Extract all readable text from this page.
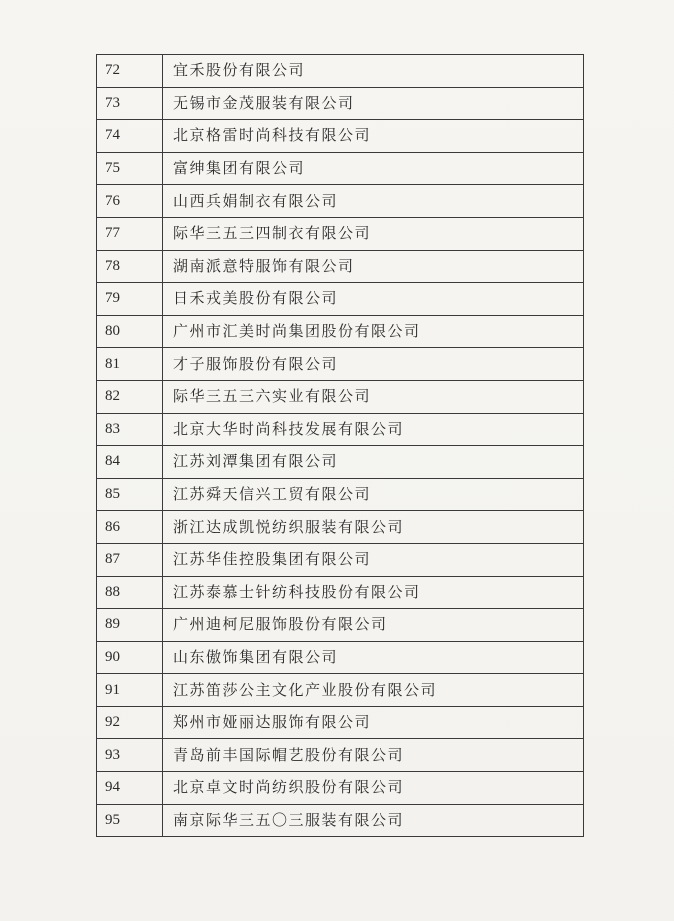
72	宜禾股份有限公司
73	无锡市金茂服装有限公司
74	北京格雷时尚科技有限公司
75	富绅集团有限公司
76	山西兵娟制衣有限公司
77	际华三五三四制衣有限公司
78	湖南派意特服饰有限公司
79	日禾戎美股份有限公司
80	广州市汇美时尚集团股份有限公司
81	才子服饰股份有限公司
82	际华三五三六实业有限公司
83	北京大华时尚科技发展有限公司
84	江苏刘潭集团有限公司
85	江苏舜天信兴工贸有限公司
86	浙江达成凯悦纺织服装有限公司
87	江苏华佳控股集团有限公司
88	江苏泰慕士针纺科技股份有限公司
89	广州迪柯尼服饰股份有限公司
90	山东傲饰集团有限公司
91	江苏笛莎公主文化产业股份有限公司
92	郑州市娅丽达服饰有限公司
93	青岛前丰国际帽艺股份有限公司
94	北京卓文时尚纺织股份有限公司
95	南京际华三五〇三服装有限公司
